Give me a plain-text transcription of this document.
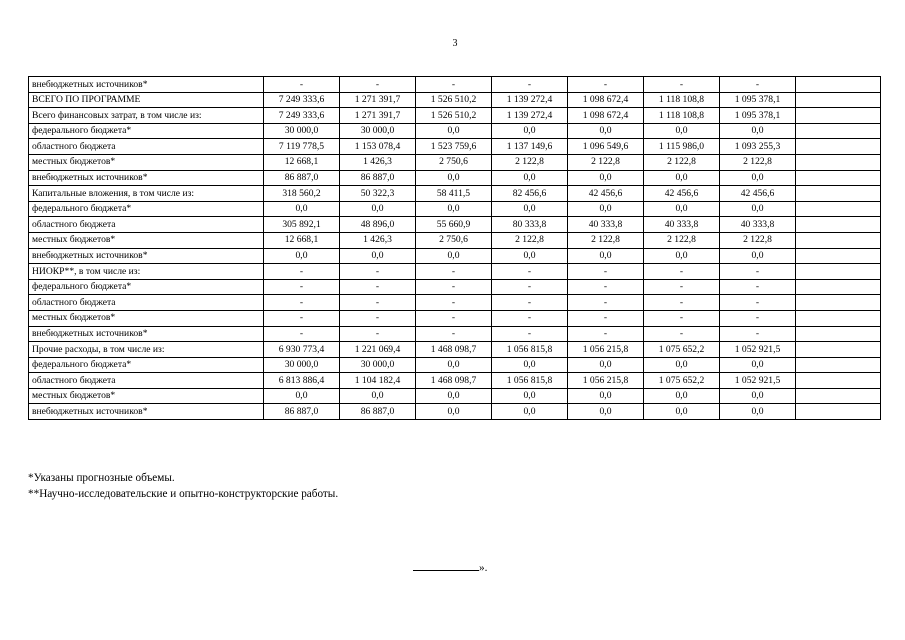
3
внебюджетных источников*	-	-	-	-	-	-	-	
ВСЕГО ПО ПРОГРАММЕ	7 249 333,6	1 271 391,7	1 526 510,2	1 139 272,4	1 098 672,4	1 118 108,8	1 095 378,1	
Всего финансовых затрат, в том числе из:	7 249 333,6	1 271 391,7	1 526 510,2	1 139 272,4	1 098 672,4	1 118 108,8	1 095 378,1	
федерального бюджета*	30 000,0	30 000,0	0,0	0,0	0,0	0,0	0,0	
областного бюджета	7 119 778,5	1 153 078,4	1 523 759,6	1 137 149,6	1 096 549,6	1 115 986,0	1 093 255,3	
местных бюджетов*	12 668,1	1 426,3	2 750,6	2 122,8	2 122,8	2 122,8	2 122,8	
внебюджетных источников*	86 887,0	86 887,0	0,0	0,0	0,0	0,0	0,0	
Капитальные вложения, в том числе из:	318 560,2	50 322,3	58 411,5	82 456,6	42 456,6	42 456,6	42 456,6	
федерального бюджета*	0,0	0,0	0,0	0,0	0,0	0,0	0,0	
областного бюджета	305 892,1	48 896,0	55 660,9	80 333,8	40 333,8	40 333,8	40 333,8	
местных бюджетов*	12 668,1	1 426,3	2 750,6	2 122,8	2 122,8	2 122,8	2 122,8	
внебюджетных источников*	0,0	0,0	0,0	0,0	0,0	0,0	0,0	
НИОКР**, в том числе из:	-	-	-	-	-	-	-	
федерального бюджета*	-	-	-	-	-	-	-	
областного бюджета	-	-	-	-	-	-	-	
местных бюджетов*	-	-	-	-	-	-	-	
внебюджетных источников*	-	-	-	-	-	-	-	
Прочие расходы, в том числе из:	6 930 773,4	1 221 069,4	1 468 098,7	1 056 815,8	1 056 215,8	1 075 652,2	1 052 921,5	
федерального бюджета*	30 000,0	30 000,0	0,0	0,0	0,0	0,0	0,0	
областного бюджета	6 813 886,4	1 104 182,4	1 468 098,7	1 056 815,8	1 056 215,8	1 075 652,2	1 052 921,5	
местных бюджетов*	0,0	0,0	0,0	0,0	0,0	0,0	0,0	
внебюджетных источников*	86 887,0	86 887,0	0,0	0,0	0,0	0,0	0,0	
*Указаны прогнозные объемы.
**Научно-исследовательские и опытно-конструкторские работы.
».
